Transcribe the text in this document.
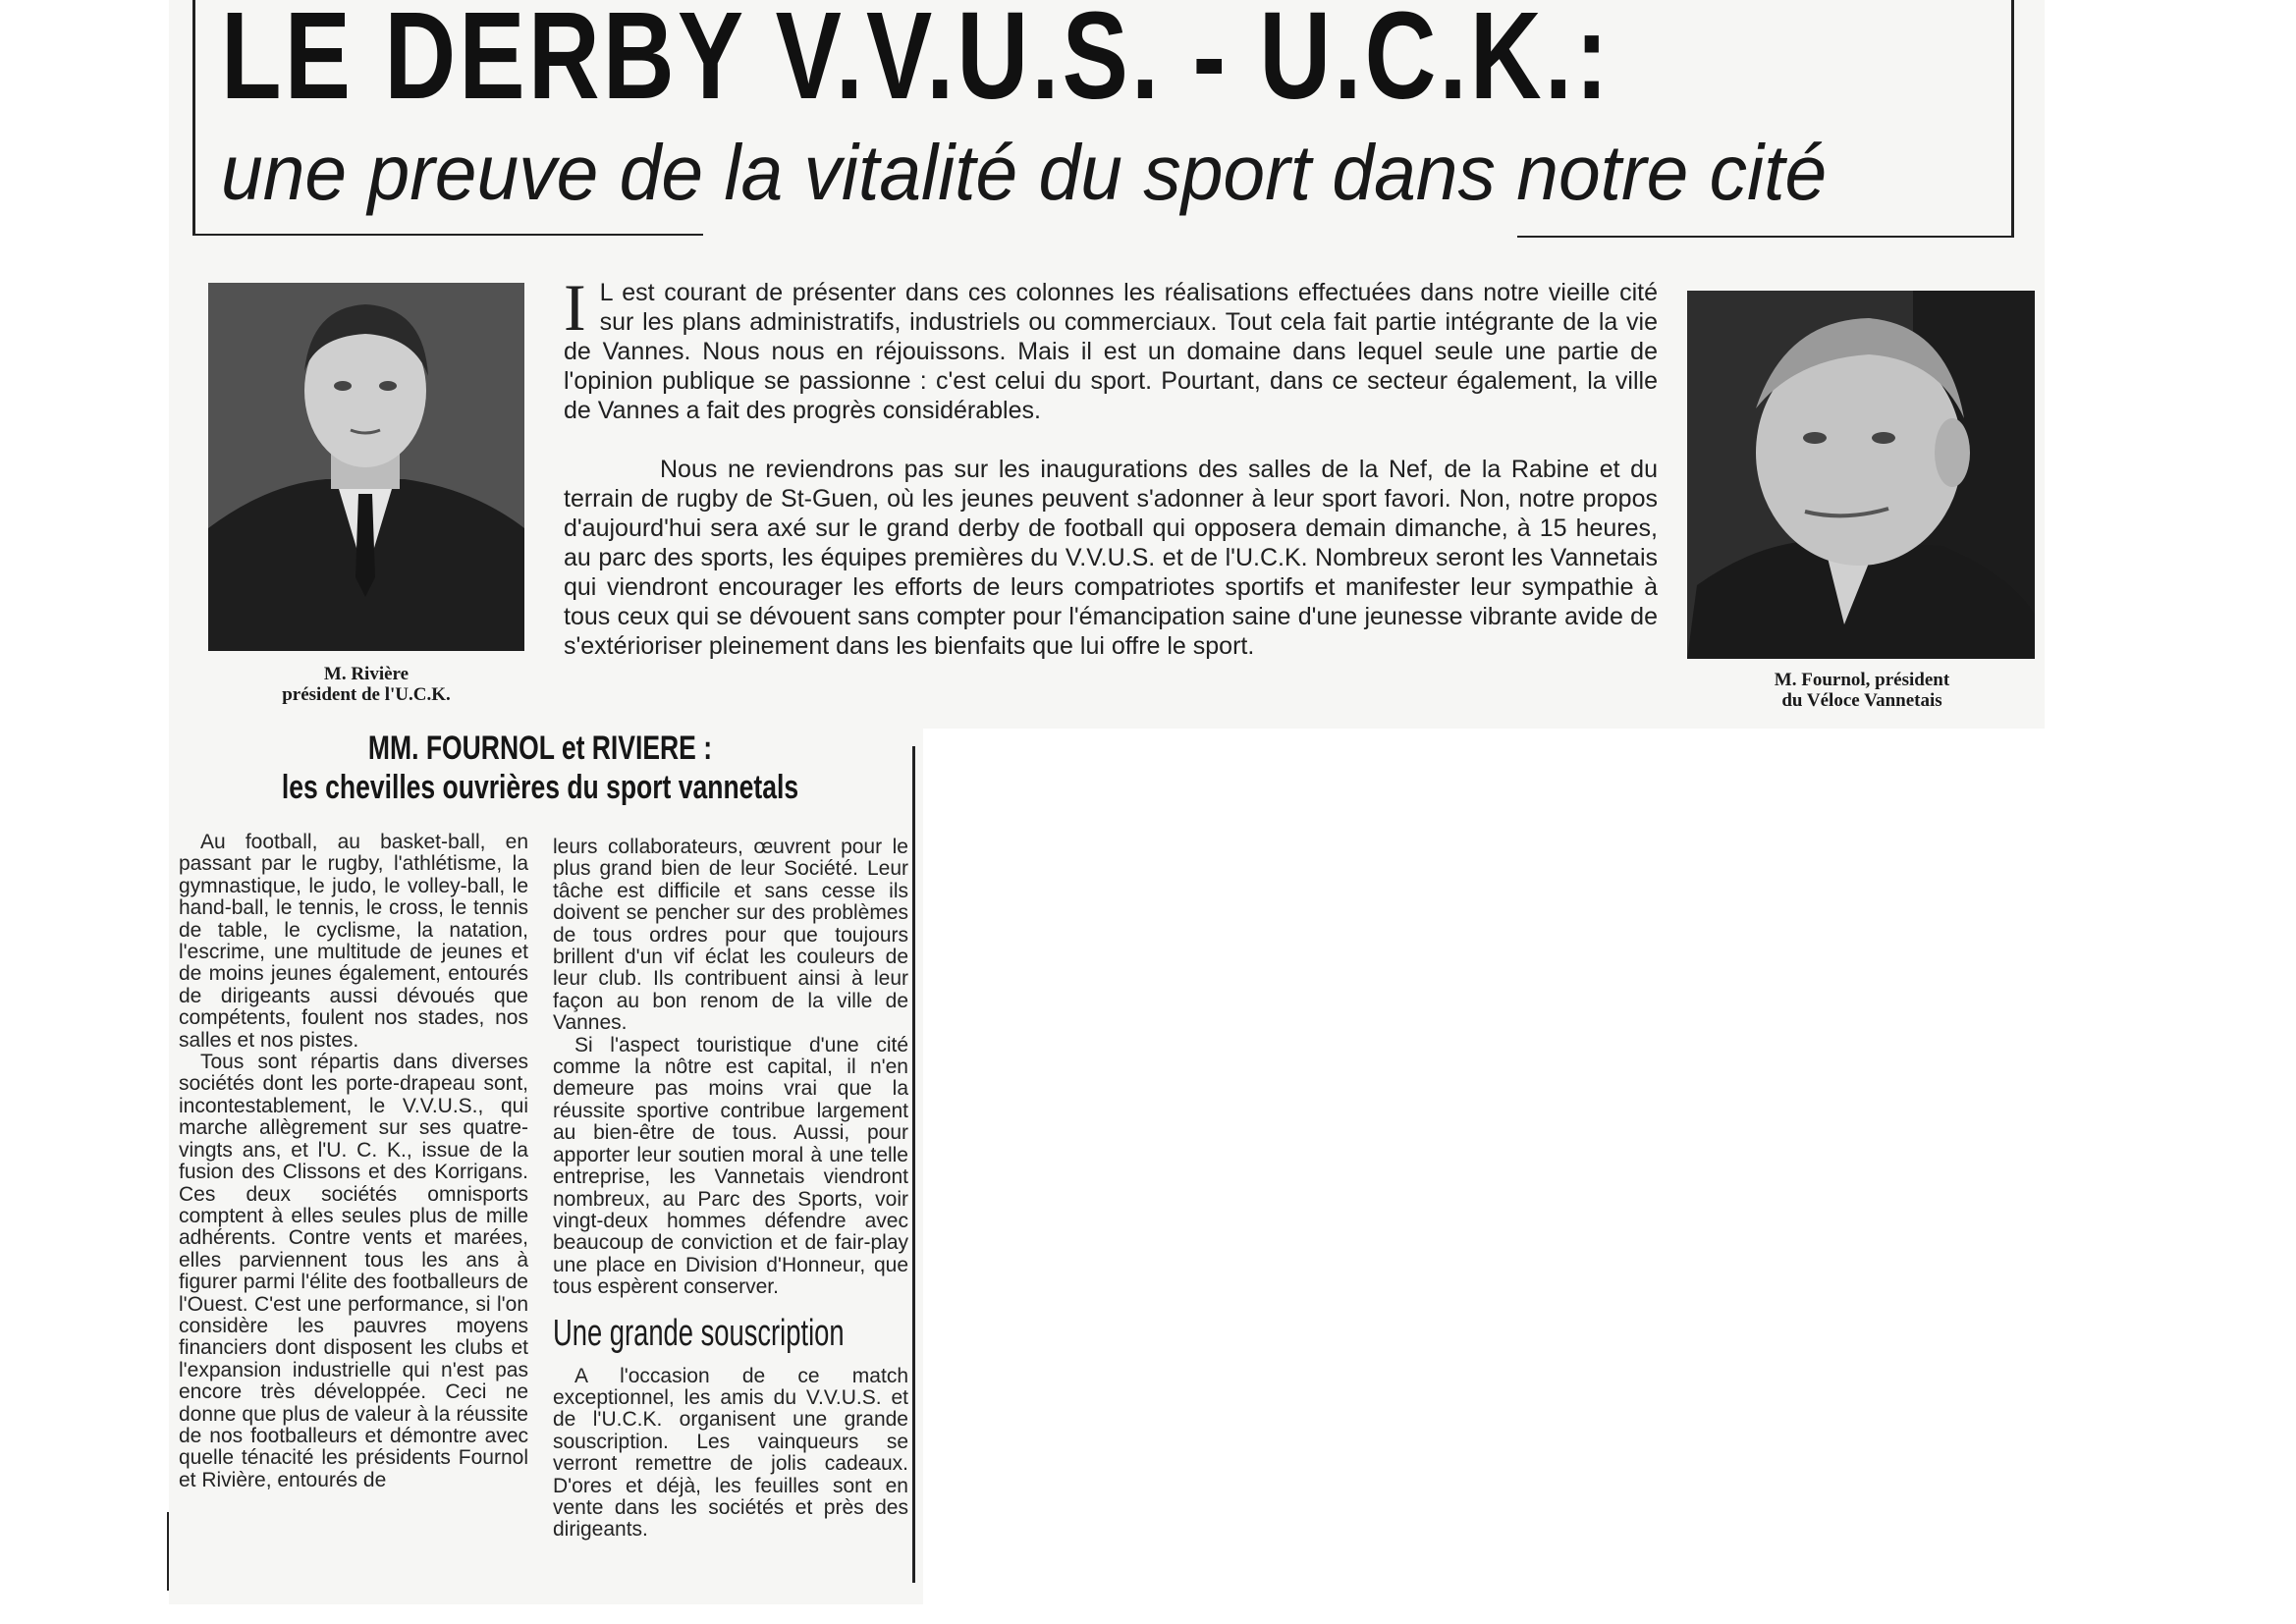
LE DERBY V.V.U.S. - U.C.K.:
une preuve de la vitalité du sport dans notre cité
M. Rivière
président de l'U.C.K.
M. Fournol, président
du Véloce Vannetais

I L est courant de présenter dans ces colonnes les réalisations effectuées dans notre vieille cité sur les plans administratifs, industriels ou commerciaux. Tout cela fait partie intégrante de la vie de Vannes. Nous nous en réjouissons. Mais il est un domaine dans lequel seule une partie de l'opinion publique se passionne : c'est celui du sport. Pourtant, dans ce secteur également, la ville de Vannes a fait des progrès considérables.

Nous ne reviendrons pas sur les inaugurations des salles de la Nef, de la Rabine et du terrain de rugby de St-Guen, où les jeunes peuvent s'adonner à leur sport favori. Non, notre propos d'aujourd'hui sera axé sur le grand derby de football qui opposera demain dimanche, à 15 heures, au parc des sports, les équipes premières du V.V.U.S. et de l'U.C.K. Nombreux seront les Vannetais qui viendront encourager les efforts de leurs compatriotes sportifs et manifester leur sympathie à tous ceux qui se dévouent sans compter pour l'émancipation saine d'une jeunesse vibrante avide de s'extérioriser pleinement dans les bienfaits que lui offre le sport.

MM. FOURNOL et RIVIERE :
les chevilles ouvrières du sport vannetals

Au football, au basket-ball, en passant par le rugby, l'athlétisme, la gymnastique, le judo, le volley-ball, le hand-ball, le tennis, le cross, le tennis de table, le cyclisme, la natation, l'escrime, une multitude de jeunes et de moins jeunes également, entourés de dirigeants aussi dévoués que compétents, foulent nos stades, nos salles et nos pistes.

Tous sont répartis dans diverses sociétés dont les porte-drapeau sont, incontestablement, le V.V.U.S., qui marche allègrement sur ses quatre-vingts ans, et l'U. C. K., issue de la fusion des Clissons et des Korrigans. Ces deux sociétés omnisports comptent à elles seules plus de mille adhérents. Contre vents et marées, elles parviennent tous les ans à figurer parmi l'élite des footballeurs de l'Ouest. C'est une performance, si l'on considère les pauvres moyens financiers dont disposent les clubs et l'expansion industrielle qui n'est pas encore très développée. Ceci ne donne que plus de valeur à la réussite de nos footballeurs et démontre avec quelle ténacité les présidents Fournol et Rivière, entourés de

leurs collaborateurs, œuvrent pour le plus grand bien de leur Société. Leur tâche est difficile et sans cesse ils doivent se pencher sur des problèmes de tous ordres pour que toujours brillent d'un vif éclat les couleurs de leur club. Ils contribuent ainsi à leur façon au bon renom de la ville de Vannes.

Si l'aspect touristique d'une cité comme la nôtre est capital, il n'en demeure pas moins vrai que la réussite sportive contribue largement au bien-être de tous. Aussi, pour apporter leur soutien moral à une telle entreprise, les Vannetais viendront nombreux, au Parc des Sports, voir vingt-deux hommes défendre avec beaucoup de conviction et de fair-play une place en Division d'Honneur, que tous espèrent conserver.

Une grande souscription

A l'occasion de ce match exceptionnel, les amis du V.V.U.S. et de l'U.C.K. organisent une grande souscription. Les vainqueurs se verront remettre de jolis cadeaux. D'ores et déjà, les feuilles sont en vente dans les sociétés et près des dirigeants.
